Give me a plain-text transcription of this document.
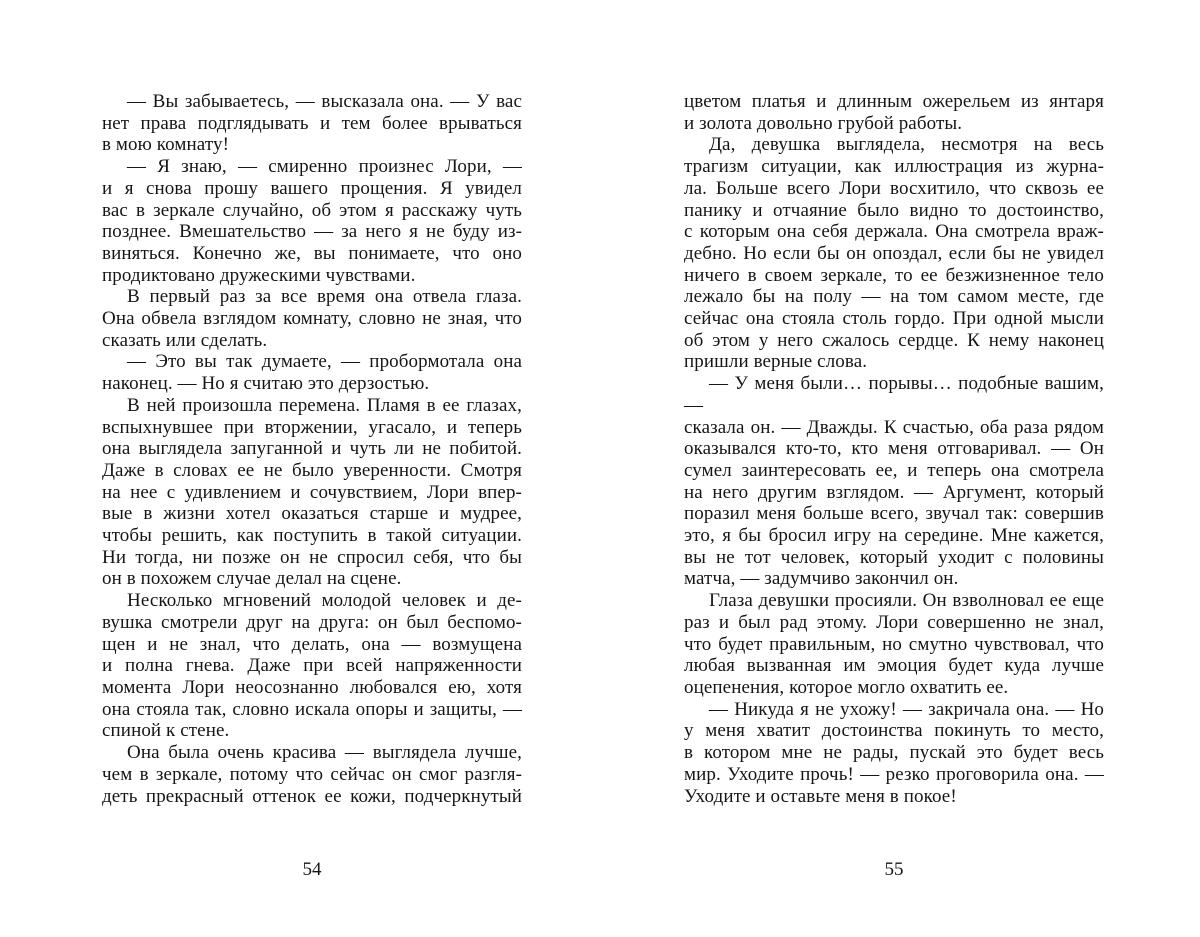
— Вы забываетесь, — высказала она. — У вас
нет права подглядывать и тем более врываться
в мою комнату!
— Я знаю, — смиренно произнес Лори, —
и я снова прошу вашего прощения. Я увидел
вас в зеркале случайно, об этом я расскажу чуть
позднее. Вмешательство — за него я не буду из-
виняться. Конечно же, вы понимаете, что оно
продиктовано дружескими чувствами.
В первый раз за все время она отвела глаза.
Она обвела взглядом комнату, словно не зная, что
сказать или сделать.
— Это вы так думаете, — пробормотала она
наконец. — Но я считаю это дерзостью.
В ней произошла перемена. Пламя в ее глазах,
вспыхнувшее при вторжении, угасало, и теперь
она выглядела запуганной и чуть ли не побитой.
Даже в словах ее не было уверенности. Смотря
на нее с удивлением и сочувствием, Лори впер-
вые в жизни хотел оказаться старше и мудрее,
чтобы решить, как поступить в такой ситуации.
Ни тогда, ни позже он не спросил себя, что бы
он в похожем случае делал на сцене.
Несколько мгновений молодой человек и де-
вушка смотрели друг на друга: он был беспомо-
щен и не знал, что делать, она — возмущена
и полна гнева. Даже при всей напряженности
момента Лори неосознанно любовался ею, хотя
она стояла так, словно искала опоры и защиты, —
спиной к стене.
Она была очень красива — выглядела лучше,
чем в зеркале, потому что сейчас он смог разгля-
деть прекрасный оттенок ее кожи, подчеркнутый
цветом платья и длинным ожерельем из янтаря
и золота довольно грубой работы.
Да, девушка выглядела, несмотря на весь
трагизм ситуации, как иллюстрация из журна-
ла. Больше всего Лори восхитило, что сквозь ее
панику и отчаяние было видно то достоинство,
с которым она себя держала. Она смотрела враж-
дебно. Но если бы он опоздал, если бы не увидел
ничего в своем зеркале, то ее безжизненное тело
лежало бы на полу — на том самом месте, где
сейчас она стояла столь гордо. При одной мысли
об этом у него сжалось сердце. К нему наконец
пришли верные слова.
— У меня были… порывы… подобные вашим, —
сказала он. — Дважды. К счастью, оба раза рядом
оказывался кто-то, кто меня отговаривал. — Он
сумел заинтересовать ее, и теперь она смотрела
на него другим взглядом. — Аргумент, который
поразил меня больше всего, звучал так: совершив
это, я бы бросил игру на середине. Мне кажется,
вы не тот человек, который уходит с половины
матча, — задумчиво закончил он.
Глаза девушки просияли. Он взволновал ее еще
раз и был рад этому. Лори совершенно не знал,
что будет правильным, но смутно чувствовал, что
любая вызванная им эмоция будет куда лучше
оцепенения, которое могло охватить ее.
— Никуда я не ухожу! — закричала она. — Но
у меня хватит достоинства покинуть то место,
в котором мне не рады, пускай это будет весь
мир. Уходите прочь! — резко проговорила она. —
Уходите и оставьте меня в покое!
54	55
